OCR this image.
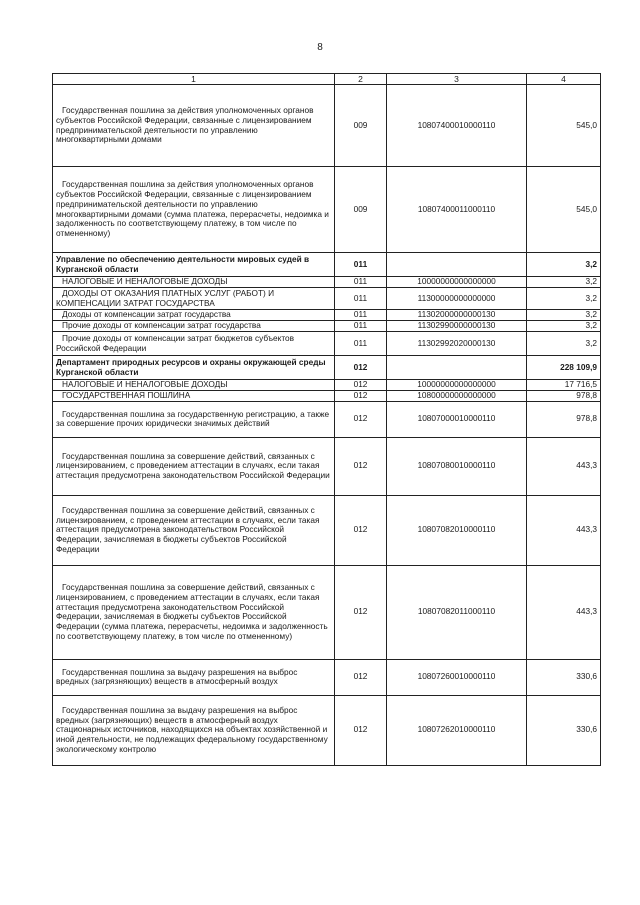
8
1	2	3	4
Государственная пошлина за действия уполномоченных органов субъектов Российской Федерации, связанные с лицензированием предпринимательской деятельности по управлению многоквартирными домами	009	10807400010000110	545,0
Государственная пошлина за действия уполномоченных органов субъектов Российской Федерации, связанные с лицензированием предпринимательской деятельности по управлению многоквартирными домами (сумма платежа, перерасчеты, недоимка и задолженность по соответствующему платежу, в том числе по отмененному)	009	10807400011000110	545,0
Управление по обеспечению деятельности мировых судей в Курганской области	011		3,2
НАЛОГОВЫЕ И НЕНАЛОГОВЫЕ ДОХОДЫ	011	10000000000000000	3,2
ДОХОДЫ ОТ ОКАЗАНИЯ ПЛАТНЫХ УСЛУГ (РАБОТ) И КОМПЕНСАЦИИ ЗАТРАТ ГОСУДАРСТВА	011	11300000000000000	3,2
Доходы от компенсации затрат государства	011	11302000000000130	3,2
Прочие доходы от компенсации затрат государства	011	11302990000000130	3,2
Прочие доходы от компенсации затрат бюджетов субъектов Российской Федерации	011	11302992020000130	3,2
Департамент природных ресурсов и охраны окружающей среды Курганской области	012		228 109,9
НАЛОГОВЫЕ И НЕНАЛОГОВЫЕ ДОХОДЫ	012	10000000000000000	17 716,5
ГОСУДАРСТВЕННАЯ ПОШЛИНА	012	10800000000000000	978,8
Государственная пошлина за государственную регистрацию, а также за совершение прочих юридически значимых действий	012	10807000010000110	978,8
Государственная пошлина за совершение действий, связанных с лицензированием, с проведением аттестации в случаях, если такая аттестация предусмотрена законодательством Российской Федерации	012	10807080010000110	443,3
Государственная пошлина за совершение действий, связанных с лицензированием, с проведением аттестации в случаях, если такая аттестация предусмотрена законодательством Российской Федерации, зачисляемая в бюджеты субъектов Российской Федерации	012	10807082010000110	443,3
Государственная пошлина за совершение действий, связанных с лицензированием, с проведением аттестации в случаях, если такая аттестация предусмотрена законодательством Российской Федерации, зачисляемая в бюджеты субъектов Российской Федерации (сумма платежа, перерасчеты, недоимка и задолженность по соответствующему платежу, в том числе по отмененному)	012	10807082011000110	443,3
Государственная пошлина за выдачу разрешения на выброс вредных (загрязняющих) веществ в атмосферный воздух	012	10807260010000110	330,6
Государственная пошлина за выдачу разрешения на выброс вредных (загрязняющих) веществ в атмосферный воздух стационарных источников, находящихся на объектах хозяйственной и иной деятельности, не подлежащих федеральному государственному экологическому контролю	012	10807262010000110	330,6
